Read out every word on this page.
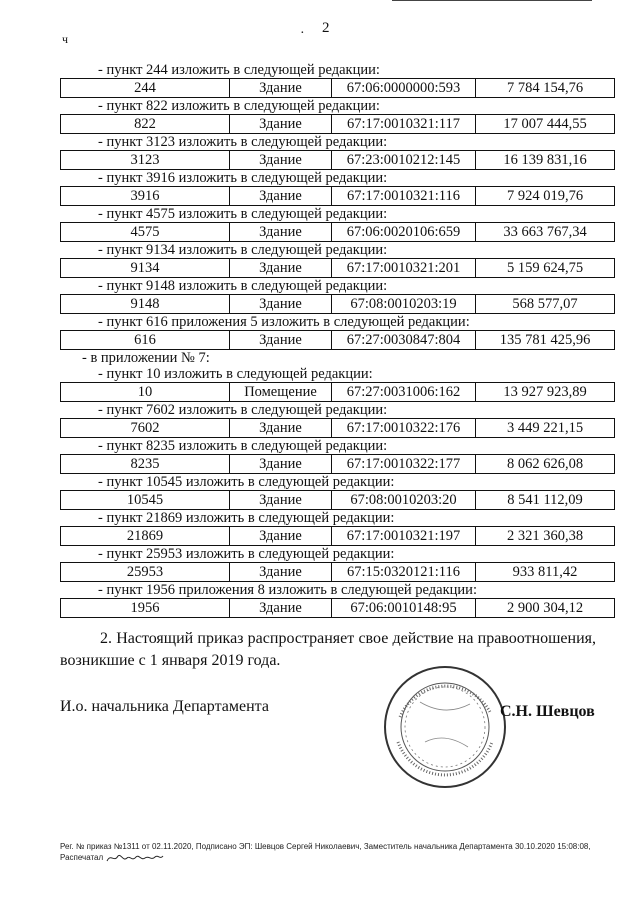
ч	· 2
- пункт 244 изложить в следующей редакции:
244	Здание	67:06:0000000:593	7 784 154,76
- пункт 822 изложить в следующей редакции:
822	Здание	67:17:0010321:117	17 007 444,55
- пункт 3123 изложить в следующей редакции:
3123	Здание	67:23:0010212:145	16 139 831,16
- пункт 3916 изложить в следующей редакции:
3916	Здание	67:17:0010321:116	7 924 019,76
- пункт 4575 изложить в следующей редакции:
4575	Здание	67:06:0020106:659	33 663 767,34
- пункт 9134 изложить в следующей редакции:
9134	Здание	67:17:0010321:201	5 159 624,75
- пункт 9148 изложить в следующей редакции:
9148	Здание	67:08:0010203:19	568 577,07
- пункт 616 приложения 5 изложить в следующей редакции:
616	Здание	67:27:0030847:804	135 781 425,96
- в приложении № 7:
- пункт 10 изложить в следующей редакции:
10	Помещение	67:27:0031006:162	13 927 923,89
- пункт 7602 изложить в следующей редакции:
7602	Здание	67:17:0010322:176	3 449 221,15
- пункт 8235 изложить в следующей редакции:
8235	Здание	67:17:0010322:177	8 062 626,08
- пункт 10545 изложить в следующей редакции:
10545	Здание	67:08:0010203:20	8 541 112,09
- пункт 21869 изложить в следующей редакции:
21869	Здание	67:17:0010321:197	2 321 360,38
- пункт 25953 изложить в следующей редакции:
25953	Здание	67:15:0320121:116	933 811,42
- пункт 1956 приложения 8 изложить в следующей редакции:
1956	Здание	67:06:0010148:95	2 900 304,12
2. Настоящий приказ распространяет свое действие на правоотношения, возникшие с 1 января 2019 года.
И.о. начальника Департамента	С.Н. Шевцов
Рег. № приказ №1311 от 02.11.2020, Подписано ЭП: Шевцов Сергей Николаевич, Заместитель начальника Департамента 30.10.2020 15:08:08,
Распечатал
